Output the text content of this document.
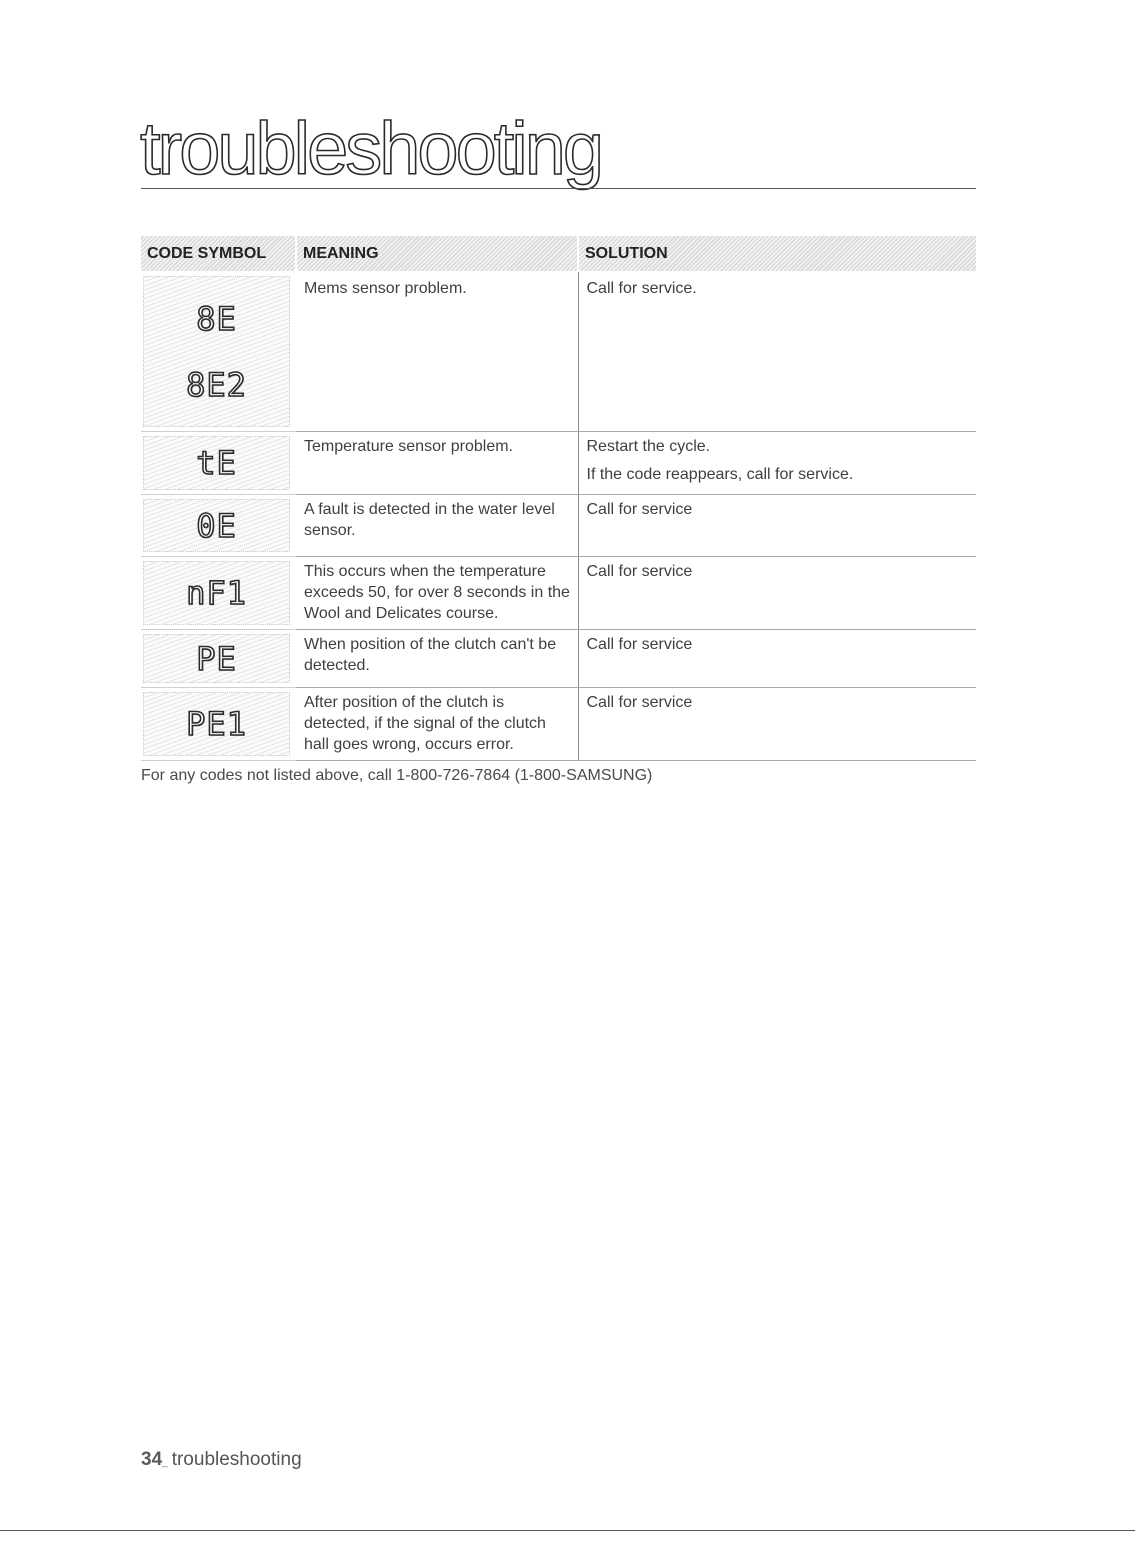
troubleshooting
CODE SYMBOL	MEANING	SOLUTION

8E
8E2	Mems sensor problem.	Call for service.

tE	Temperature sensor problem.	Restart the cycle.
If the code reappears, call for service.

0E	A fault is detected in the water level sensor.	Call for service

nF1	This occurs when the temperature exceeds 50, for over 8 seconds in the Wool and Delicates course.	Call for service

PE	When position of the clutch can't be detected.	Call for service

PE1	After position of the clutch is detected, if the signal of the clutch hall goes wrong, occurs error.	Call for service

For any codes not listed above, call 1-800-726-7864 (1-800-SAMSUNG)

34_ troubleshooting
